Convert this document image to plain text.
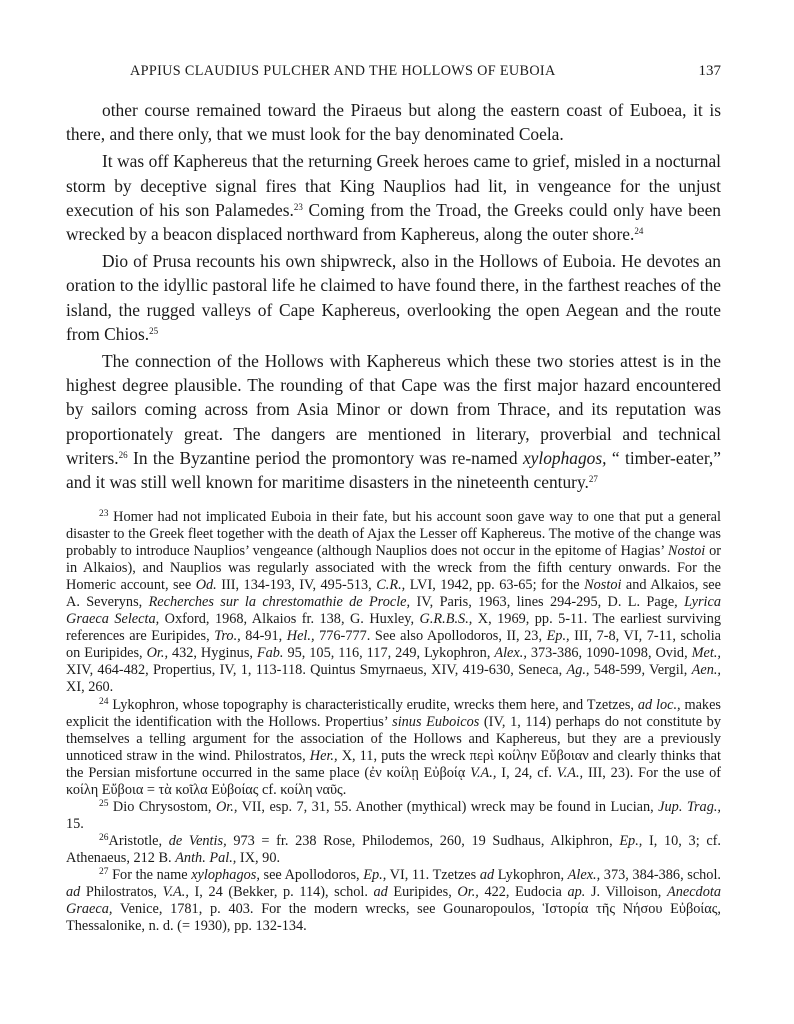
APPIUS CLAUDIUS PULCHER AND THE HOLLOWS OF EUBOIA	137

other course remained toward the Piraeus but along the eastern coast of Euboea, it is there, and there only, that we must look for the bay denominated Coela.

It was off Kaphereus that the returning Greek heroes came to grief, misled in a nocturnal storm by deceptive signal fires that King Nauplios had lit, in vengeance for the unjust execution of his son Palamedes.$^{23}$ Coming from the Troad, the Greeks could only have been wrecked by a beacon displaced northward from Kaphereus, along the outer shore.$^{24}$

Dio of Prusa recounts his own shipwreck, also in the Hollows of Euboia. He devotes an oration to the idyllic pastoral life he claimed to have found there, in the farthest reaches of the island, the rugged valleys of Cape Kaphereus, overlooking the open Aegean and the route from Chios.$^{25}$

The connection of the Hollows with Kaphereus which these two stories attest is in the highest degree plausible. The rounding of that Cape was the first major hazard encountered by sailors coming across from Asia Minor or down from Thrace, and its reputation was proportionately great. The dangers are mentioned in literary, proverbial and technical writers.$^{26}$ In the Byzantine period the promontory was re-named xylophagos, “ timber-eater,” and it was still well known for maritime disasters in the nineteenth century.$^{27}$

$^{23}$ Homer had not implicated Euboia in their fate, but his account soon gave way to one that put a general disaster to the Greek fleet together with the death of Ajax the Lesser off Kaphereus. The motive of the change was probably to introduce Nauplios’ vengeance (although Nauplios does not occur in the epitome of Hagias’ Nostoi or in Alkaios), and Nauplios was regularly associated with the wreck from the fifth century onwards. For the Homeric account, see Od. III, 134-193, IV, 495-513, C.R., LVI, 1942, pp. 63-65; for the Nostoi and Alkaios, see A. Severyns, Recherches sur la chrestomathie de Procle, IV, Paris, 1963, lines 294-295, D. L. Page, Lyrica Graeca Selecta, Oxford, 1968, Alkaios fr. 138, G. Huxley, G.R.B.S., X, 1969, pp. 5-11. The earliest surviving references are Euripides, Tro., 84-91, Hel., 776-777. See also Apollodoros, II, 23, Ep., III, 7-8, VI, 7-11, scholia on Euripides, Or., 432, Hyginus, Fab. 95, 105, 116, 117, 249, Lykophron, Alex., 373-386, 1090-1098, Ovid, Met., XIV, 464-482, Propertius, IV, 1, 113-118. Quintus Smyrnaeus, XIV, 419-630, Seneca, Ag., 548-599, Vergil, Aen., XI, 260.

$^{24}$ Lykophron, whose topography is characteristically erudite, wrecks them here, and Tzetzes, ad loc., makes explicit the identification with the Hollows. Propertius’ sinus Euboicos (IV, 1, 114) perhaps do not constitute by themselves a telling argument for the association of the Hollows and Kaphereus, but they are a previously unnoticed straw in the wind. Philostratos, Her., X, 11, puts the wreck περὶ κοίλην Εὔβοιαν and clearly thinks that the Persian misfortune occurred in the same place (ἐν κοίλῃ Εὐβοίᾳ V.A., I, 24, cf. V.A., III, 23). For the use of κοίλη Εὔβοια = τὰ κοῖλα Εὐβοίας cf. κοίλη ναῦς.

$^{25}$ Dio Chrysostom, Or., VII, esp. 7, 31, 55. Another (mythical) wreck may be found in Lucian, Jup. Trag., 15.

$^{26}$Aristotle, de Ventis, 973 = fr. 238 Rose, Philodemos, 260, 19 Sudhaus, Alkiphron, Ep., I, 10, 3; cf. Athenaeus, 212 B. Anth. Pal., IX, 90.

$^{27}$ For the name xylophagos, see Apollodoros, Ep., VI, 11. Tzetzes ad Lykophron, Alex., 373, 384-386, schol. ad Philostratos, V.A., I, 24 (Bekker, p. 114), schol. ad Euripides, Or., 422, Eudocia ap. J. Villoison, Anecdota Graeca, Venice, 1781, p. 403. For the modern wrecks, see Gounaropoulos, Ἱστορία τῆς Νήσου Εὐβοίας, Thessalonike, n. d. (= 1930), pp. 132-134.
